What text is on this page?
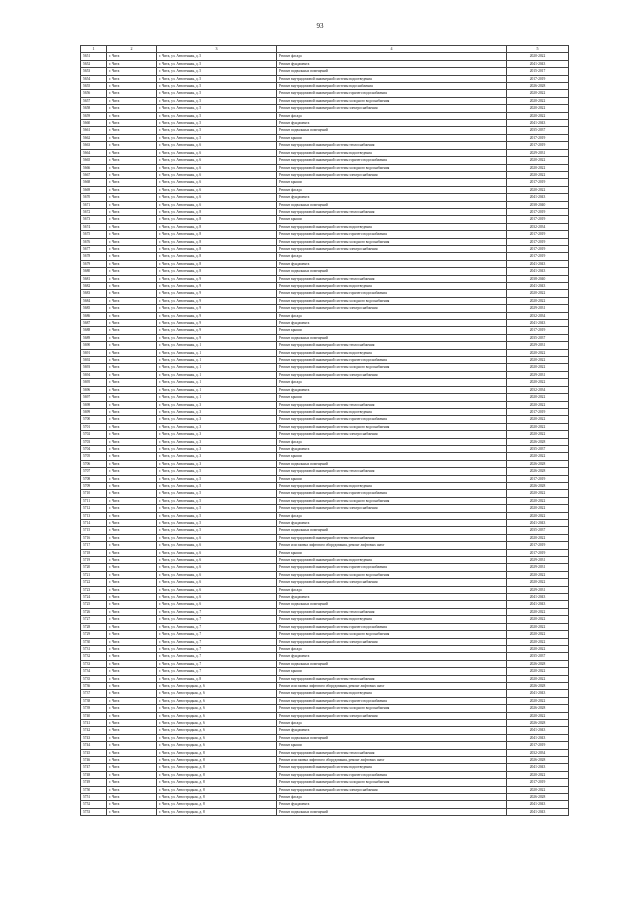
93
1	2	3	4	5
5651	г. Чита	г. Чита, ул. Автогенная, д. 5	Ремонт фасада	2020-2022
5652	г. Чита	г. Чита, ул. Автогенная, д. 5	Ремонт фундамента	2041-2043
5653	г. Чита	г. Чита, ул. Автогенная, д. 5	Ремонт подвальных помещений	2015-2017
5654	г. Чита	г. Чита, ул. Автогенная, д. 5	Ремонт внутридомовой инженерной системы водоотведения	2017-2019
5655	г. Чита	г. Чита, ул. Автогенная, д. 5	Ремонт внутридомовой инженерной системы водоснабжения	2026-2028
5656	г. Чита	г. Чита, ул. Автогенная, д. 5	Ремонт внутридомовой инженерной системы горячего водоснабжения	2020-2022
5657	г. Чита	г. Чита, ул. Автогенная, д. 5	Ремонт внутридомовой инженерной системы холодного водоснабжения	2020-2022
5658	г. Чита	г. Чита, ул. Автогенная, д. 5	Ремонт внутридомовой инженерной системы электроснабжения	2020-2022
5659	г. Чита	г. Чита, ул. Автогенная, д. 5	Ремонт фасада	2020-2022
5660	г. Чита	г. Чита, ул. Автогенная, д. 5	Ремонт фундамента	2041-2043
5661	г. Чита	г. Чита, ул. Автогенная, д. 5	Ремонт подвальных помещений	2035-2037
5662	г. Чита	г. Чита, ул. Автогенная, д. 5	Ремонт крыши	2017-2019
5663	г. Чита	г. Чита, ул. Автогенная, д. 6	Ремонт внутридомовой инженерной системы теплоснабжения	2017-2019
5664	г. Чита	г. Чита, ул. Автогенная, д. 6	Ремонт внутридомовой инженерной системы водоотведения	2029-2031
5665	г. Чита	г. Чита, ул. Автогенная, д. 6	Ремонт внутридомовой инженерной системы горячего водоснабжения	2020-2022
5666	г. Чита	г. Чита, ул. Автогенная, д. 6	Ремонт внутридомовой инженерной системы холодного водоснабжения	2020-2022
5667	г. Чита	г. Чита, ул. Автогенная, д. 6	Ремонт внутридомовой инженерной системы электроснабжения	2020-2022
5668	г. Чита	г. Чита, ул. Автогенная, д. 6	Ремонт крыши	2017-2019
5669	г. Чита	г. Чита, ул. Автогенная, д. 6	Ремонт фасада	2020-2022
5670	г. Чита	г. Чита, ул. Автогенная, д. 6	Ремонт фундамента	2041-2043
5671	г. Чита	г. Чита, ул. Автогенная, д. 6	Ремонт подвальных помещений	2038-2040
5672	г. Чита	г. Чита, ул. Автогенная, д. 8	Ремонт внутридомовой инженерной системы теплоснабжения	2017-2019
5673	г. Чита	г. Чита, ул. Автогенная, д. 8	Ремонт крыши	2017-2019
5674	г. Чита	г. Чита, ул. Автогенная, д. 8	Ремонт внутридомовой инженерной системы водоотведения	2032-2034
5675	г. Чита	г. Чита, ул. Автогенная, д. 8	Ремонт внутридомовой инженерной системы горячего водоснабжения	2017-2019
5676	г. Чита	г. Чита, ул. Автогенная, д. 8	Ремонт внутридомовой инженерной системы холодного водоснабжения	2017-2019
5677	г. Чита	г. Чита, ул. Автогенная, д. 8	Ремонт внутридомовой инженерной системы электроснабжения	2017-2019
5678	г. Чита	г. Чита, ул. Автогенная, д. 8	Ремонт фасада	2017-2019
5679	г. Чита	г. Чита, ул. Автогенная, д. 8	Ремонт фундамента	2041-2043
5680	г. Чита	г. Чита, ул. Автогенная, д. 8	Ремонт подвальных помещений	2041-2043
5681	г. Чита	г. Чита, ул. Автогенная, д. 9	Ремонт внутридомовой инженерной системы теплоснабжения	2038-2040
5682	г. Чита	г. Чита, ул. Автогенная, д. 9	Ремонт внутридомовой инженерной системы водоотведения	2041-2043
5683	г. Чита	г. Чита, ул. Автогенная, д. 9	Ремонт внутридомовой инженерной системы горячего водоснабжения	2020-2022
5684	г. Чита	г. Чита, ул. Автогенная, д. 9	Ремонт внутридомовой инженерной системы холодного водоснабжения	2020-2022
5685	г. Чита	г. Чита, ул. Автогенная, д. 9	Ремонт внутридомовой инженерной системы электроснабжения	2029-2031
5686	г. Чита	г. Чита, ул. Автогенная, д. 9	Ремонт фасада	2032-2034
5687	г. Чита	г. Чита, ул. Автогенная, д. 9	Ремонт фундамента	2041-2043
5688	г. Чита	г. Чита, ул. Автогенная, д. 9	Ремонт крыши	2017-2019
5689	г. Чита	г. Чита, ул. Автогенная, д. 9	Ремонт подвальных помещений	2035-2037
5690	г. Чита	г. Чита, ул. Автогенная, д. 1	Ремонт внутридомовой инженерной системы теплоснабжения	2029-2031
5691	г. Чита	г. Чита, ул. Автогенная, д. 1	Ремонт внутридомовой инженерной системы водоотведения	2020-2022
5692	г. Чита	г. Чита, ул. Автогенная, д. 1	Ремонт внутридомовой инженерной системы горячего водоснабжения	2020-2022
5693	г. Чита	г. Чита, ул. Автогенная, д. 1	Ремонт внутридомовой инженерной системы холодного водоснабжения	2020-2022
5694	г. Чита	г. Чита, ул. Автогенная, д. 1	Ремонт внутридомовой инженерной системы электроснабжения	2029-2031
5695	г. Чита	г. Чита, ул. Автогенная, д. 1	Ремонт фасада	2020-2022
5696	г. Чита	г. Чита, ул. Автогенная, д. 1	Ремонт фундамента	2032-2034
5697	г. Чита	г. Чита, ул. Автогенная, д. 1	Ремонт крыши	2020-2022
5698	г. Чита	г. Чита, ул. Автогенная, д. 3	Ремонт внутридомовой инженерной системы теплоснабжения	2020-2022
5699	г. Чита	г. Чита, ул. Автогенная, д. 3	Ремонт внутридомовой инженерной системы водоотведения	2017-2019
5700	г. Чита	г. Чита, ул. Автогенная, д. 3	Ремонт внутридомовой инженерной системы горячего водоснабжения	2020-2022
5701	г. Чита	г. Чита, ул. Автогенная, д. 3	Ремонт внутридомовой инженерной системы холодного водоснабжения	2020-2022
5702	г. Чита	г. Чита, ул. Автогенная, д. 3	Ремонт внутридомовой инженерной системы электроснабжения	2020-2022
5703	г. Чита	г. Чита, ул. Автогенная, д. 3	Ремонт фасада	2026-2028
5704	г. Чита	г. Чита, ул. Автогенная, д. 3	Ремонт фундамента	2035-2037
5705	г. Чита	г. Чита, ул. Автогенная, д. 3	Ремонт крыши	2020-2022
5706	г. Чита	г. Чита, ул. Автогенная, д. 3	Ремонт подвальных помещений	2026-2028
5707	г. Чита	г. Чита, ул. Автогенная, д. 5	Ремонт внутридомовой инженерной системы теплоснабжения	2026-2028
5708	г. Чита	г. Чита, ул. Автогенная, д. 5	Ремонт крыши	2017-2019
5709	г. Чита	г. Чита, ул. Автогенная, д. 5	Ремонт внутридомовой инженерной системы водоотведения	2026-2028
5710	г. Чита	г. Чита, ул. Автогенная, д. 5	Ремонт внутридомовой инженерной системы горячего водоснабжения	2020-2022
5711	г. Чита	г. Чита, ул. Автогенная, д. 5	Ремонт внутридомовой инженерной системы холодного водоснабжения	2020-2022
5712	г. Чита	г. Чита, ул. Автогенная, д. 5	Ремонт внутридомовой инженерной системы электроснабжения	2020-2022
5713	г. Чита	г. Чита, ул. Автогенная, д. 5	Ремонт фасада	2020-2022
5714	г. Чита	г. Чита, ул. Автогенная, д. 5	Ремонт фундамента	2041-2043
5715	г. Чита	г. Чита, ул. Автогенная, д. 5	Ремонт подвальных помещений	2035-2037
5716	г. Чита	г. Чита, ул. Автогенная, д. 6	Ремонт внутридомовой инженерной системы теплоснабжения	2020-2022
5717	г. Чита	г. Чита, ул. Автогенная, д. 6	Ремонт или замена лифтового оборудования, ремонт лифтовых шахт	2017-2019
5718	г. Чита	г. Чита, ул. Автогенная, д. 6	Ремонт крыши	2017-2019
5719	г. Чита	г. Чита, ул. Автогенная, д. 6	Ремонт внутридомовой инженерной системы водоотведения	2029-2031
5720	г. Чита	г. Чита, ул. Автогенная, д. 6	Ремонт внутридомовой инженерной системы горячего водоснабжения	2029-2031
5721	г. Чита	г. Чита, ул. Автогенная, д. 6	Ремонт внутридомовой инженерной системы холодного водоснабжения	2020-2022
5722	г. Чита	г. Чита, ул. Автогенная, д. 6	Ремонт внутридомовой инженерной системы электроснабжения	2020-2022
5723	г. Чита	г. Чита, ул. Автогенная, д. 6	Ремонт фасада	2029-2031
5724	г. Чита	г. Чита, ул. Автогенная, д. 6	Ремонт фундамента	2041-2043
5725	г. Чита	г. Чита, ул. Автогенная, д. 6	Ремонт подвальных помещений	2041-2043
5726	г. Чита	г. Чита, ул. Автогенная, д. 7	Ремонт внутридомовой инженерной системы теплоснабжения	2020-2022
5727	г. Чита	г. Чита, ул. Автогенная, д. 7	Ремонт внутридомовой инженерной системы водоотведения	2020-2022
5728	г. Чита	г. Чита, ул. Автогенная, д. 7	Ремонт внутридомовой инженерной системы горячего водоснабжения	2020-2022
5729	г. Чита	г. Чита, ул. Автогенная, д. 7	Ремонт внутридомовой инженерной системы холодного водоснабжения	2020-2022
5730	г. Чита	г. Чита, ул. Автогенная, д. 7	Ремонт внутридомовой инженерной системы электроснабжения	2020-2022
5731	г. Чита	г. Чита, ул. Автогенная, д. 7	Ремонт фасада	2020-2022
5732	г. Чита	г. Чита, ул. Автогенная, д. 7	Ремонт фундамента	2035-2037
5733	г. Чита	г. Чита, ул. Автогенная, д. 7	Ремонт подвальных помещений	2026-2028
5734	г. Чита	г. Чита, ул. Автогенная, д. 7	Ремонт крыши	2020-2022
5735	г. Чита	г. Чита, ул. Автогенная, д. 8	Ремонт внутридомовой инженерной системы теплоснабжения	2020-2022
5736	г. Чита	г. Чита, ул. Автострадная, д. 6	Ремонт или замена лифтового оборудования, ремонт лифтовых шахт	2026-2028
5737	г. Чита	г. Чита, ул. Автострадная, д. 6	Ремонт внутридомовой инженерной системы водоотведения	2041-2043
5738	г. Чита	г. Чита, ул. Автострадная, д. 6	Ремонт внутридомовой инженерной системы горячего водоснабжения	2020-2022
5739	г. Чита	г. Чита, ул. Автострадная, д. 6	Ремонт внутридомовой инженерной системы холодного водоснабжения	2026-2028
5740	г. Чита	г. Чита, ул. Автострадная, д. 6	Ремонт внутридомовой инженерной системы электроснабжения	2020-2022
5741	г. Чита	г. Чита, ул. Автострадная, д. 6	Ремонт фасада	2026-2028
5742	г. Чита	г. Чита, ул. Автострадная, д. 6	Ремонт фундамента	2041-2043
5743	г. Чита	г. Чита, ул. Автострадная, д. 6	Ремонт подвальных помещений	2041-2043
5744	г. Чита	г. Чита, ул. Автострадная, д. 6	Ремонт крыши	2017-2019
5745	г. Чита	г. Чита, ул. Автострадная, д. 8	Ремонт внутридомовой инженерной системы теплоснабжения	2032-2034
5746	г. Чита	г. Чита, ул. Автострадная, д. 8	Ремонт или замена лифтового оборудования, ремонт лифтовых шахт	2026-2028
5747	г. Чита	г. Чита, ул. Автострадная, д. 8	Ремонт внутридомовой инженерной системы водоотведения	2041-2043
5748	г. Чита	г. Чита, ул. Автострадная, д. 8	Ремонт внутридомовой инженерной системы горячего водоснабжения	2020-2022
5749	г. Чита	г. Чита, ул. Автострадная, д. 8	Ремонт внутридомовой инженерной системы холодного водоснабжения	2017-2019
5750	г. Чита	г. Чита, ул. Автострадная, д. 8	Ремонт внутридомовой инженерной системы электроснабжения	2020-2022
5751	г. Чита	г. Чита, ул. Автострадная, д. 8	Ремонт фасада	2026-2028
5752	г. Чита	г. Чита, ул. Автострадная, д. 8	Ремонт фундамента	2041-2043
5753	г. Чита	г. Чита, ул. Автострадная, д. 8	Ремонт подвальных помещений	2041-2043
